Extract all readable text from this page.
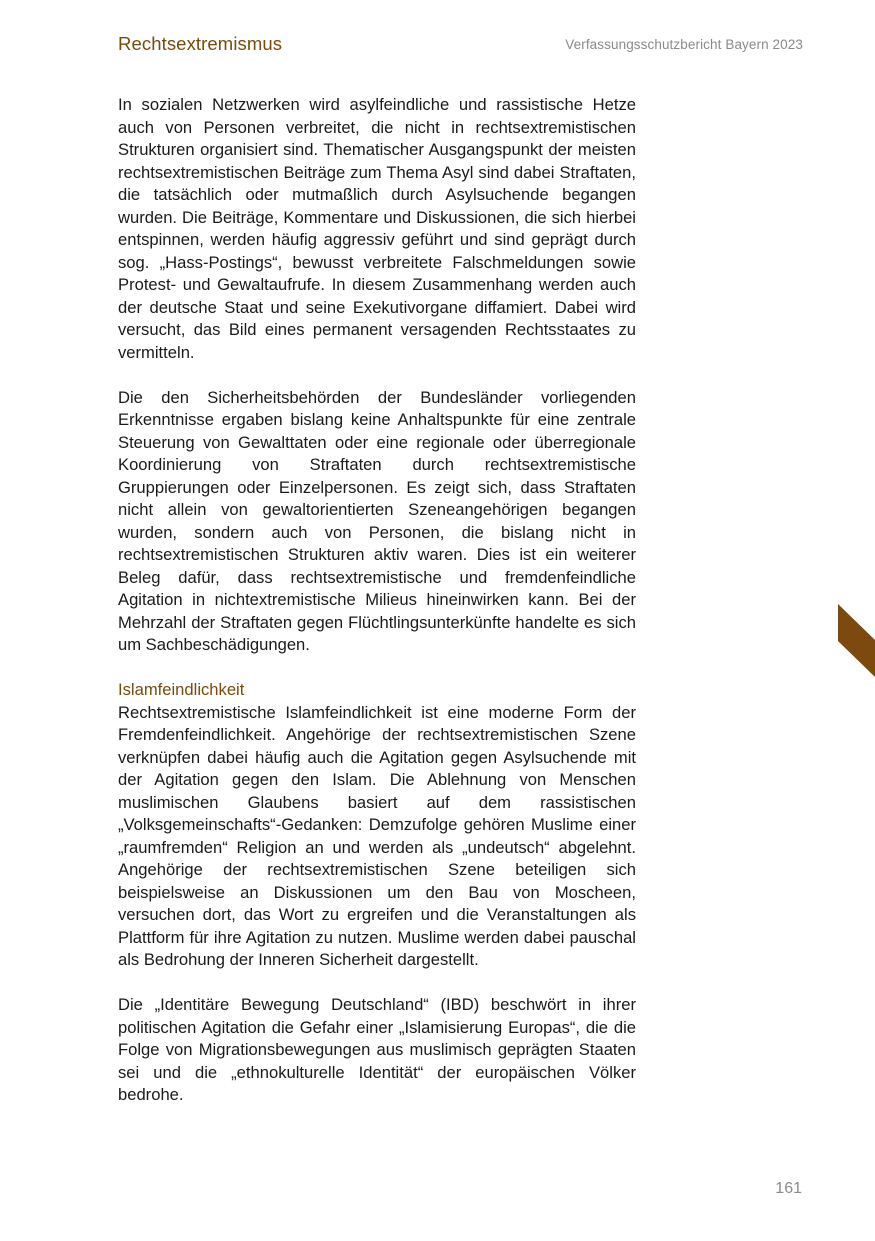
Rechtsextremismus	Verfassungsschutzbericht Bayern 2023

In sozialen Netzwerken wird asylfeindliche und rassistische Hetze auch von Personen verbreitet, die nicht in rechtsextremistischen Strukturen organisiert sind. Thematischer Ausgangspunkt der meisten rechtsextremistischen Beiträge zum Thema Asyl sind dabei Straftaten, die tatsächlich oder mutmaßlich durch Asylsuchende begangen wurden. Die Beiträge, Kommentare und Diskussionen, die sich hierbei entspinnen, werden häufig aggressiv geführt und sind geprägt durch sog. „Hass-Postings“, bewusst verbreitete Falschmeldungen sowie Protest- und Gewaltaufrufe. In diesem Zusammenhang werden auch der deutsche Staat und seine Exekutivorgane diffamiert. Dabei wird versucht, das Bild eines permanent versagenden Rechtsstaates zu vermitteln.

Die den Sicherheitsbehörden der Bundesländer vorliegenden Erkenntnisse ergaben bislang keine Anhaltspunkte für eine zentrale Steuerung von Gewalttaten oder eine regionale oder überregionale Koordinierung von Straftaten durch rechtsextremistische Gruppierungen oder Einzelpersonen. Es zeigt sich, dass Straftaten nicht allein von gewaltorientierten Szeneangehörigen begangen wurden, sondern auch von Personen, die bislang nicht in rechtsextremistischen Strukturen aktiv waren. Dies ist ein weiterer Beleg dafür, dass rechtsextremistische und fremdenfeindliche Agitation in nichtextremistische Milieus hineinwirken kann. Bei der Mehrzahl der Straftaten gegen Flüchtlingsunterkünfte handelte es sich um Sachbeschädigungen.

Islamfeindlichkeit

Rechtsextremistische Islamfeindlichkeit ist eine moderne Form der Fremdenfeindlichkeit. Angehörige der rechtsextremistischen Szene verknüpfen dabei häufig auch die Agitation gegen Asylsuchende mit der Agitation gegen den Islam. Die Ablehnung von Menschen muslimischen Glaubens basiert auf dem rassistischen „Volksgemeinschafts“-Gedanken: Demzufolge gehören Muslime einer „raumfremden“ Religion an und werden als „undeutsch“ abgelehnt. Angehörige der rechtsextremistischen Szene beteiligen sich beispielsweise an Diskussionen um den Bau von Moscheen, versuchen dort, das Wort zu ergreifen und die Veranstaltungen als Plattform für ihre Agitation zu nutzen. Muslime werden dabei pauschal als Bedrohung der Inneren Sicherheit dargestellt.

Die „Identitäre Bewegung Deutschland“ (IBD) beschwört in ihrer politischen Agitation die Gefahr einer „Islamisierung Europas“, die die Folge von Migrationsbewegungen aus muslimisch geprägten Staaten sei und die „ethnokulturelle Identität“ der europäischen Völker bedrohe.

161
